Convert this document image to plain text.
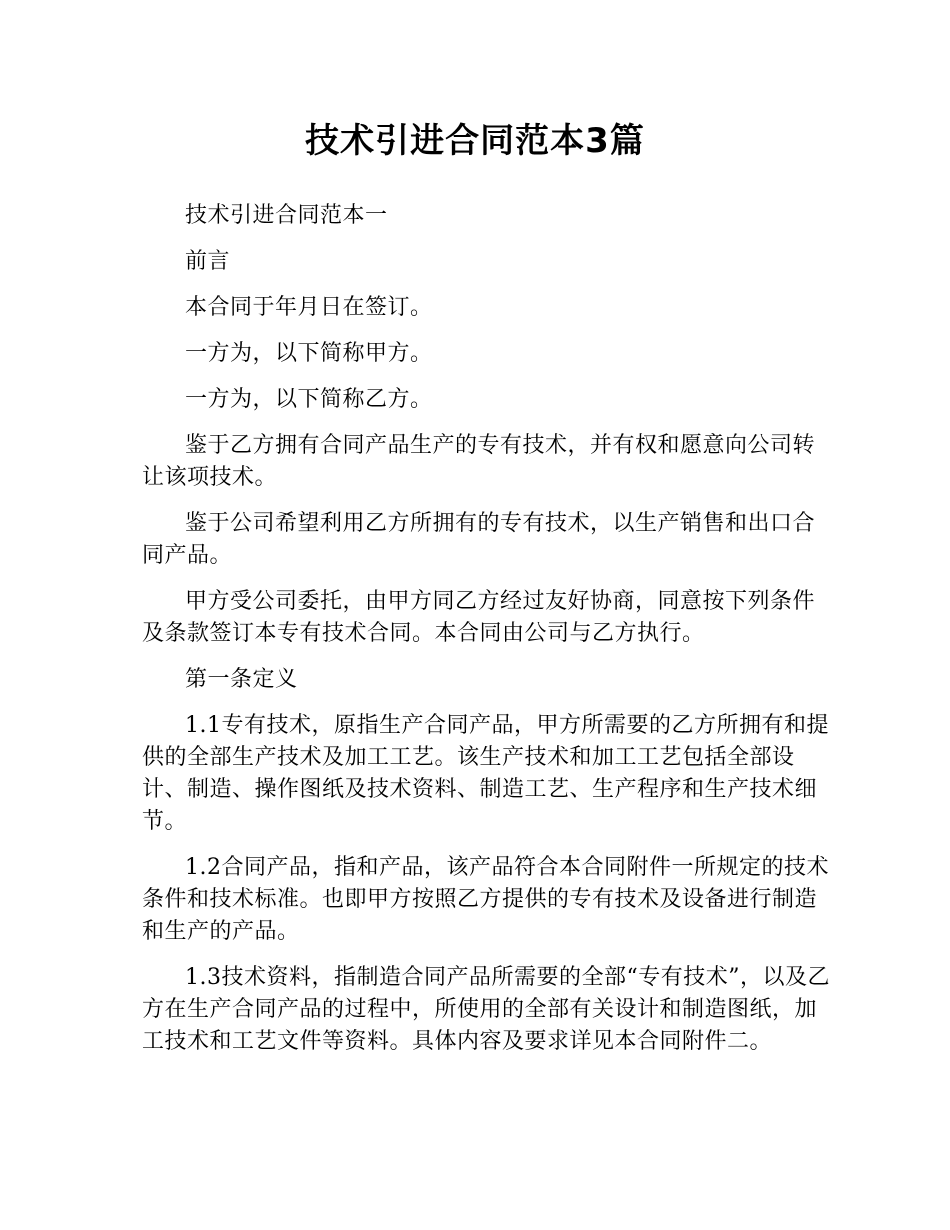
技术引进合同范本3篇

技术引进合同范本一

前言

本合同于年月日在签订。

一方为，以下简称甲方。

一方为，以下简称乙方。

鉴于乙方拥有合同产品生产的专有技术，并有权和愿意向公司转让该项技术。

鉴于公司希望利用乙方所拥有的专有技术，以生产销售和出口合同产品。

甲方受公司委托，由甲方同乙方经过友好协商，同意按下列条件及条款签订本专有技术合同。本合同由公司与乙方执行。

第一条定义

1.1专有技术，原指生产合同产品，甲方所需要的乙方所拥有和提供的全部生产技术及加工工艺。该生产技术和加工工艺包括全部设计、制造、操作图纸及技术资料、制造工艺、生产程序和生产技术细节。

1.2合同产品，指和产品，该产品符合本合同附件一所规定的技术条件和技术标准。也即甲方按照乙方提供的专有技术及设备进行制造和生产的产品。

1.3技术资料，指制造合同产品所需要的全部“专有技术”，以及乙方在生产合同产品的过程中，所使用的全部有关设计和制造图纸，加工技术和工艺文件等资料。具体内容及要求详见本合同附件二。
